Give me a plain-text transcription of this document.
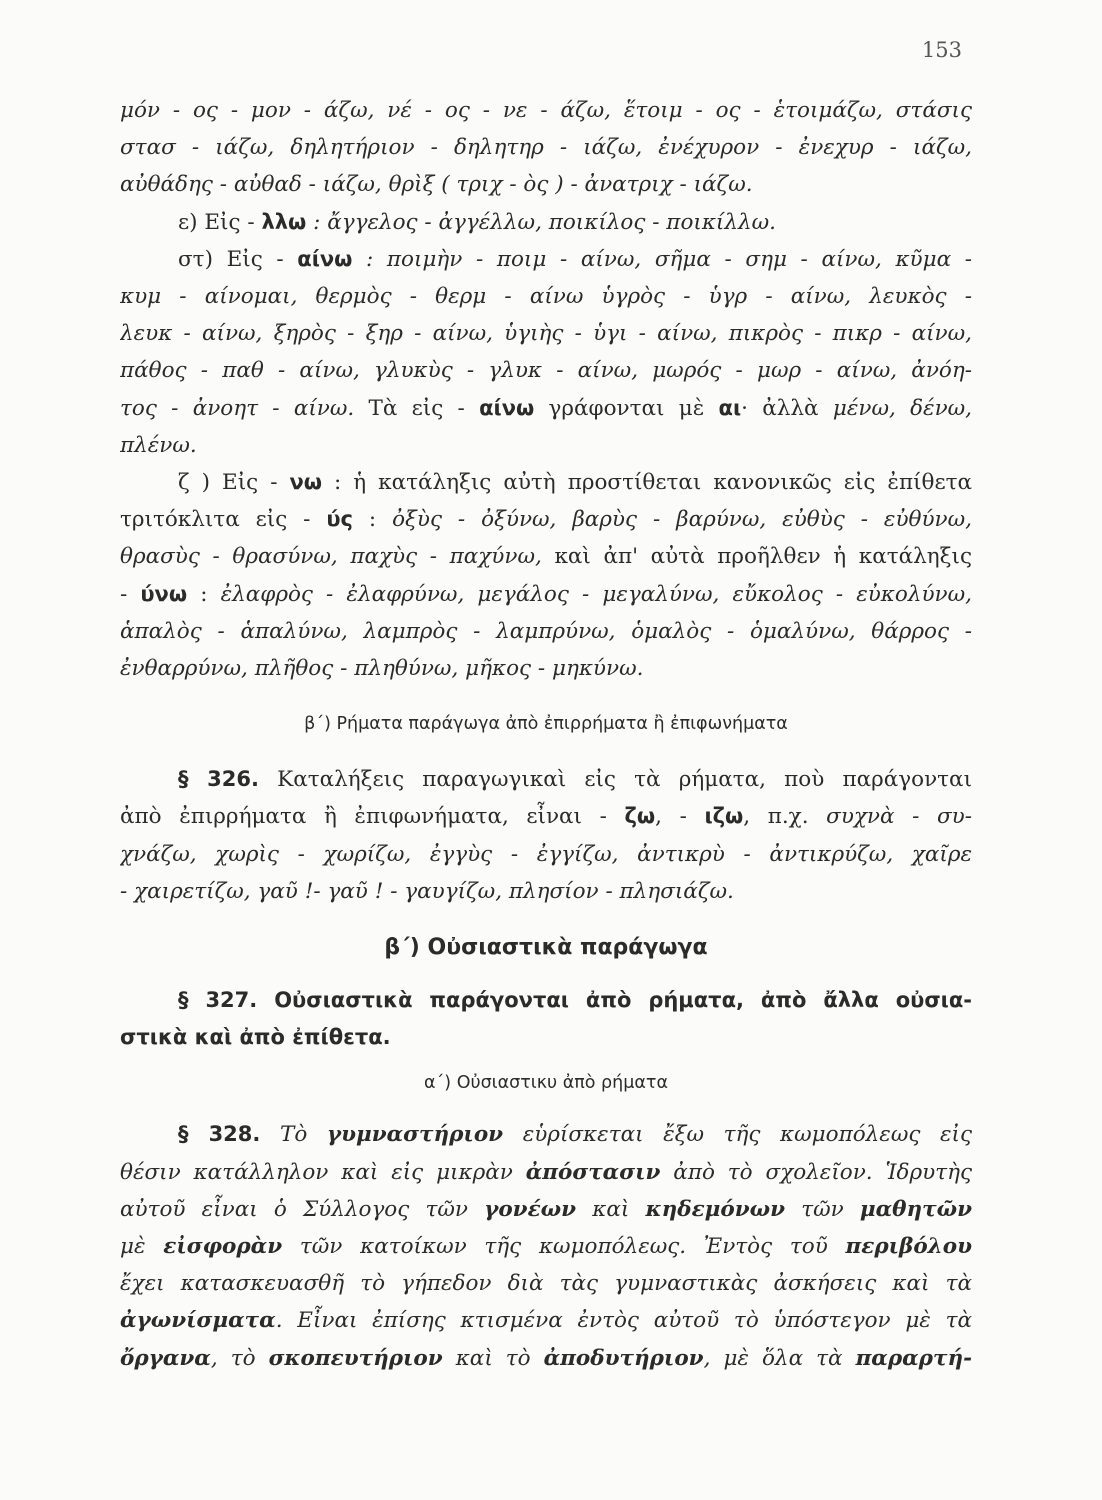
153
μόν - ος - μον - άζω, νέ - ος - νε - άζω, ἕτοιμ - ος - ἑτοιμάζω, στάσις
στασ - ιάζω, δηλητήριον - δηλητηρ - ιάζω, ἐνέχυρον - ἐνεχυρ - ιάζω,
αὐθάδης - αὐθαδ - ιάζω, θρὶξ ( τριχ - ὸς ) - ἀνατριχ - ιάζω.
ε) Εἰς - λλω : ἄγγελος - ἀγγέλλω, ποικίλος - ποικίλλω.
στ) Εἰς - αίνω : ποιμὴν - ποιμ - αίνω, σῆμα - σημ - αίνω, κῦμα -
κυμ - αίνομαι, θερμὸς - θερμ - αίνω ὑγρὸς - ὑγρ - αίνω, λευκὸς -
λευκ - αίνω, ξηρὸς - ξηρ - αίνω, ὑγιὴς - ὑγι - αίνω, πικρὸς - πικρ - αίνω,
πάθος - παθ - αίνω, γλυκὺς - γλυκ - αίνω, μωρός - μωρ - αίνω, ἀνόη-
τος - ἀνοητ - αίνω. Τὰ εἰς - αίνω γράφονται μὲ αι· ἀλλὰ μένω, δένω,
πλένω.
ζ ) Εἰς - νω : ἡ κατάληξις αὐτὴ προστίθεται κανονικῶς εἰς ἐπίθετα
τριτόκλιτα εἰς - ύς : ὀξὺς - ὀξύνω, βαρὺς - βαρύνω, εὐθὺς - εὐθύνω,
θρασὺς - θρασύνω, παχὺς - παχύνω, καὶ ἀπ' αὐτὰ προῆλθεν ἡ κατάληξις
- ύνω : ἐλαφρὸς - ἐλαφρύνω, μεγάλος - μεγαλύνω, εὔκολος - εὐκολύνω,
ἁπαλὸς - ἁπαλύνω, λαμπρὸς - λαμπρύνω, ὁμαλὸς - ὁμαλύνω, θάρρος -
ἐνθαρρύνω, πλῆθος - πληθύνω, μῆκος - μηκύνω.
β΄) Ρήματα παράγωγα ἀπὸ ἐπιρρήματα ἢ ἐπιφωνήματα
§ 326. Καταλήξεις παραγωγικαὶ εἰς τὰ ρήματα, ποὺ παράγονται
ἀπὸ ἐπιρρήματα ἢ ἐπιφωνήματα, εἶναι - ζω, - ιζω, π.χ. συχνὰ - συ-
χνάζω, χωρὶς - χωρίζω, ἐγγὺς - ἐγγίζω, ἀντικρὺ - ἀντικρύζω, χαῖρε
- χαιρετίζω, γαῦ !- γαῦ ! - γαυγίζω, πλησίον - πλησιάζω.
β΄) Οὐσιαστικὰ παράγωγα
§ 327. Οὐσιαστικὰ παράγονται ἀπὸ ρήματα, ἀπὸ ἄλλα οὐσια-
στικὰ καὶ ἀπὸ ἐπίθετα.
α΄) Οὐσιαστικυ ἀπὸ ρήματα
§ 328. Τὸ γυμναστήριον εὑρίσκεται ἔξω τῆς κωμοπόλεως εἰς
θέσιν κατάλληλον καὶ εἰς μικρὰν ἀπόστασιν ἀπὸ τὸ σχολεῖον. Ἱδρυτὴς
αὐτοῦ εἶναι ὁ Σύλλογος τῶν γονέων καὶ κηδεμόνων τῶν μαθητῶν
μὲ εἰσφορὰν τῶν κατοίκων τῆς κωμοπόλεως. Ἐντὸς τοῦ περιβόλου
ἔχει κατασκευασθῆ τὸ γήπεδον διὰ τὰς γυμναστικὰς ἀσκήσεις καὶ τὰ
ἀγωνίσματα. Εἶναι ἐπίσης κτισμένα ἐντὸς αὐτοῦ τὸ ὑπόστεγον μὲ τὰ
ὄργανα, τὸ σκοπευτήριον καὶ τὸ ἀποδυτήριον, μὲ ὅλα τὰ παραρτή-
